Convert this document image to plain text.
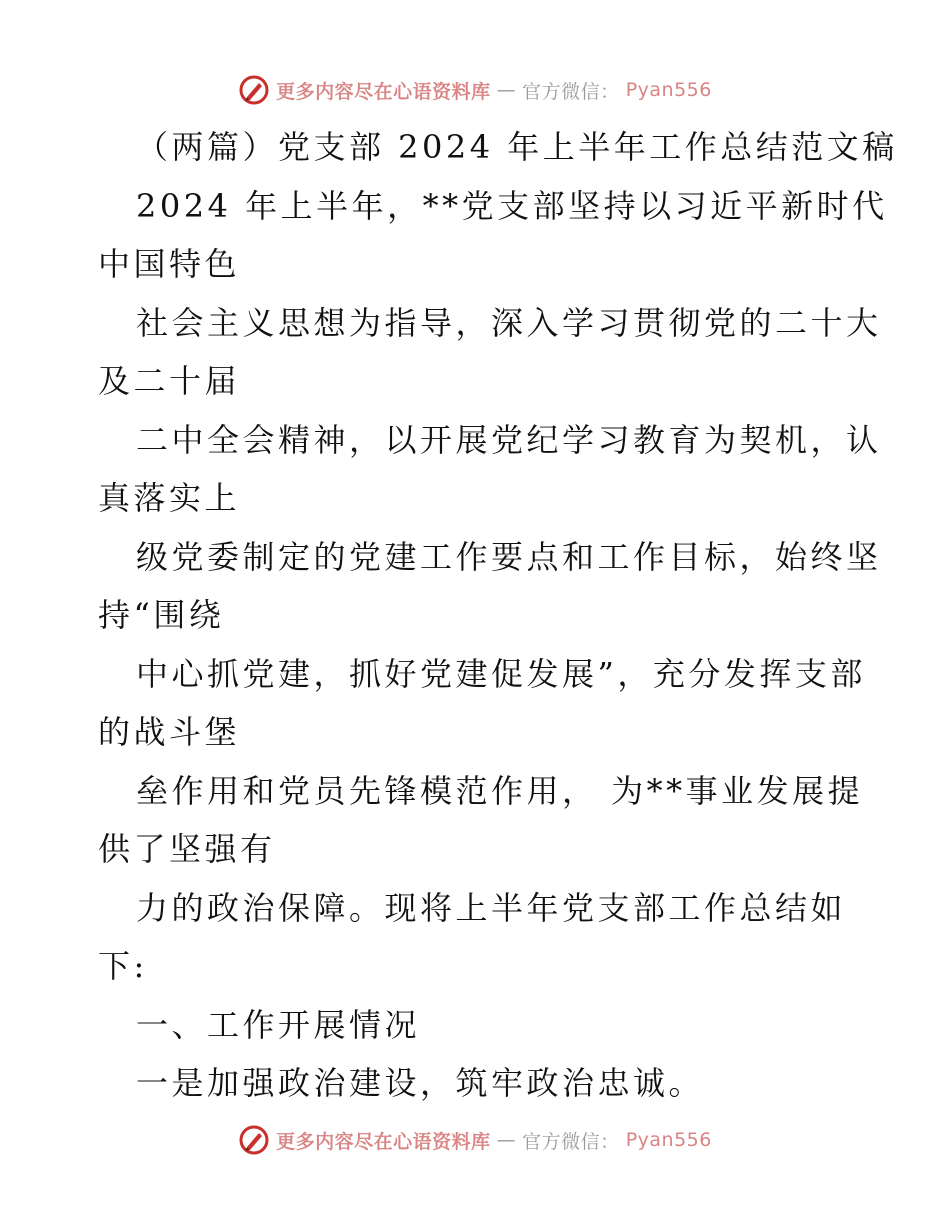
更多内容尽在心语资料库 — 官方微信： Pyan556
（两篇）党支部 2024 年上半年工作总结范文稿
2024 年上半年，**党支部坚持以习近平新时代
中国特色
社会主义思想为指导，深入学习贯彻党的二十大
及二十届
二中全会精神，以开展党纪学习教育为契机，认
真落实上
级党委制定的党建工作要点和工作目标，始终坚
持“围绕
中心抓党建，抓好党建促发展”，充分发挥支部
的战斗堡
垒作用和党员先锋模范作用， 为**事业发展提
供了坚强有
力的政治保障。现将上半年党支部工作总结如
下:
一、工作开展情况
一是加强政治建设，筑牢政治忠诚。
更多内容尽在心语资料库 — 官方微信： Pyan556
